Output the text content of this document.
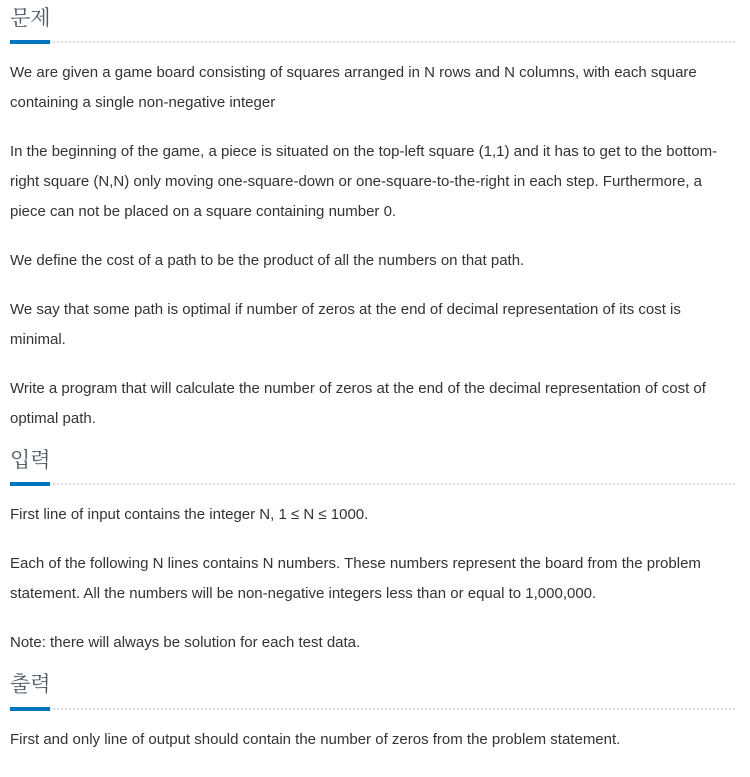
문제

We are given a game board consisting of squares arranged in N rows and N columns, with each square containing a single non-negative integer

In the beginning of the game, a piece is situated on the top-left square (1,1) and it has to get to the bottom-right square (N,N) only moving one-square-down or one-square-to-the-right in each step. Furthermore, a piece can not be placed on a square containing number 0.

We define the cost of a path to be the product of all the numbers on that path.

We say that some path is optimal if number of zeros at the end of decimal representation of its cost is minimal.

Write a program that will calculate the number of zeros at the end of the decimal representation of cost of optimal path.

입력

First line of input contains the integer N, 1 ≤ N ≤ 1000.

Each of the following N lines contains N numbers. These numbers represent the board from the problem statement. All the numbers will be non-negative integers less than or equal to 1,000,000.

Note: there will always be solution for each test data.

출력

First and only line of output should contain the number of zeros from the problem statement.
